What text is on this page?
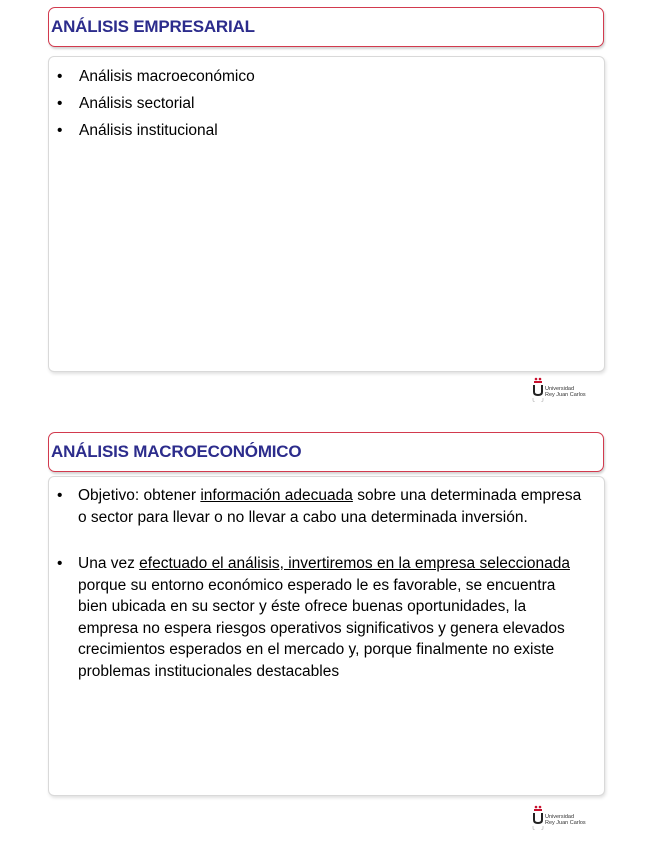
ANÁLISIS EMPRESARIAL
• Análisis macroeconómico
• Análisis sectorial
• Análisis institucional
Universidad
Rey Juan Carlos
ANÁLISIS MACROECONÓMICO
• Objetivo: obtener información adecuada sobre una determinada empresa o sector para llevar o no llevar a cabo una determinada inversión.
• Una vez efectuado el análisis, invertiremos en la empresa seleccionada porque su entorno económico esperado le es favorable, se encuentra bien ubicada en su sector y éste ofrece buenas oportunidades, la empresa no espera riesgos operativos significativos y genera elevados crecimientos esperados en el mercado y, porque finalmente no existe problemas institucionales destacables
Universidad
Rey Juan Carlos
